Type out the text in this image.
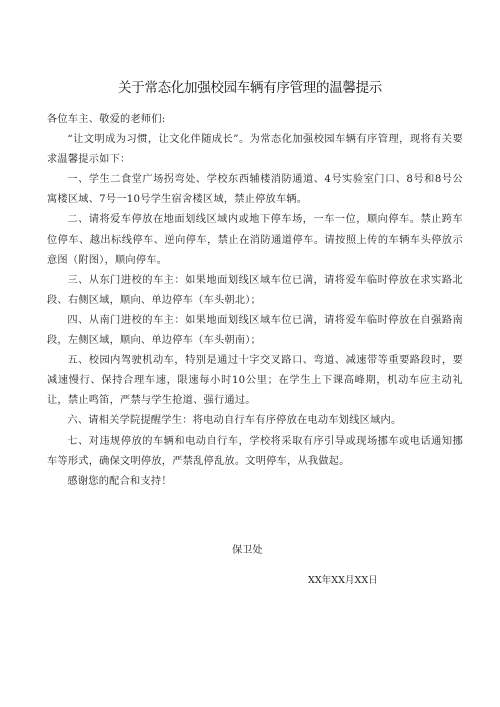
关于常态化加强校园车辆有序管理的温馨提示

各位车主、敬爱的老师们:

“让文明成为习惯，让文化伴随成长”。为常态化加强校园车辆有序管理，现将有关要求温馨提示如下：

一、学生二食堂广场拐弯处、学校东西辅楼消防通道、4号实验室门口、8号和8号公寓楼区域、7号一10号学生宿舍楼区域，禁止停放车辆。

二、请将爱车停放在地面划线区域内或地下停车场，一车一位，顺向停车。禁止跨车位停车、越出标线停车、逆向停车，禁止在消防通道停车。请按照上传的车辆车头停放示意图（附图），顺向停车。

三、从东门进校的车主：如果地面划线区域车位已满，请将爱车临时停放在求实路北段、右侧区域，顺向、单边停车（车头朝北）；

四、从南门进校的车主：如果地面划线区域车位已满，请将爱车临时停放在自强路南段，左侧区域，顺向、单边停车（车头朝南）；

五、校园内驾驶机动车，特别是通过十字交叉路口、弯道、减速带等重要路段时，要减速慢行、保持合理车速，限速每小时10公里；在学生上下课高峰期，机动车应主动礼让，禁止鸣笛，严禁与学生抢道、强行通过。

六、请相关学院提醒学生：将电动自行车有序停放在电动车划线区域内。

七、对违规停放的车辆和电动自行车，学校将采取有序引导或现场挪车或电话通知挪车等形式，确保文明停放，严禁乱停乱放。文明停车，从我做起。

感谢您的配合和支持！

保卫处
XX年XX月XX日
